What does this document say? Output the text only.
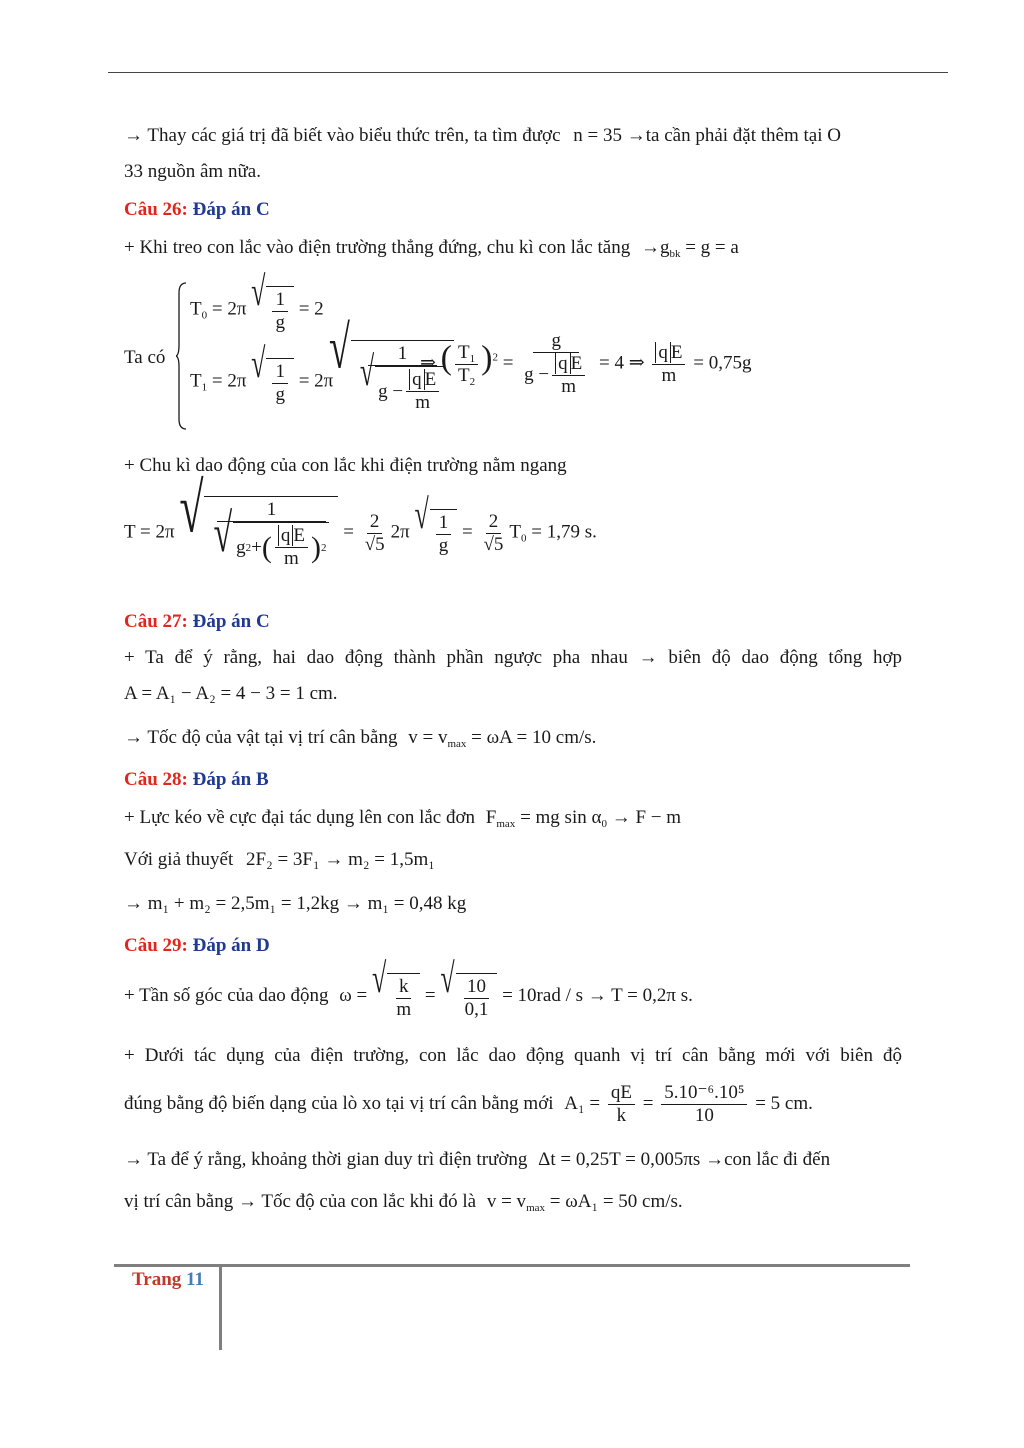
→ Thay các giá trị đã biết vào biểu thức trên, ta tìm được n = 35 →ta cần phải đặt thêm tại O
33 nguồn âm nữa.
Câu 26: Đáp án C
+ Khi treo con lắc vào điện trường thẳng đứng, chu kì con lắc tăng $\to g_{bk} = g = a$
Ta có
$T_0 = 2\pi$ √ $\frac{1}{g} = 2$
$T_1 = 2\pi$ √ $\frac{1}{g} = 2\pi$
√ $\frac{1}{√ g - \frac{\text{q E}}{m}}$
⇒ ( $\frac{T_1}{T_2} )^2 = \frac{g}{g - \frac{\text{q E}}{m}} = 4$ ⇒ $\frac{\text{q E}}{m} = 0,75g$
+ Chu kì dao động của con lắc khi điện trường nằm ngang
T = 2π √ $\frac{1}{√ g 2 + ( \frac{\text{q E}}{m} ) 2} = \frac{2}{√5} 2\pi$ √ $\frac{1}{g} = \frac{2}{√5} T_0 = 1,79$ s.
Câu 27: Đáp án C
+ Ta để ý rằng, hai dao động thành phần ngược pha nhau → biên độ dao động tổng hợp
A = A₁ − A₂ = 4 − 3 = 1 cm.
→ Tốc độ của vật tại vị trí cân bằng $v = v_{max} = \omega A = 10$ cm/s.
Câu 28: Đáp án B
+ Lực kéo về cực đại tác dụng lên con lắc đơn $F_{max}$ = mg $\sin \alpha_0 \to F - m$
Với giả thuyết 2F₂ = 3F₁ → m₂ = 1,5m₁
→ m₁ + m₂ = 2,5m₁ = 1,2kg → m₁ = 0,48 kg
Câu 29: Đáp án D
+ Tần số góc của dao động ω = √ $\frac{k}{m}$ = √ $\frac{10}{0,1} = 10rad / s \to T = 0,2\pi$ s.
+ Dưới tác dụng của điện trường, con lắc dao động quanh vị trí cân bằng mới với biên độ
đúng bằng độ biến dạng của lò xo tại vị trí cân bằng mới $A_1 = \frac{qE}{k} = \frac{\text{5.10⁻⁶.10⁵}}{10} = 5$ cm.
→ Ta để ý rằng, khoảng thời gian duy trì điện trường Δt = 0,25T = 0,005πs →con lắc đi đến
vị trí cân bằng → Tốc độ của con lắc khi đó là $v = v_{max} = \omega A_1 = 50$ cm/s.
Trang 11
